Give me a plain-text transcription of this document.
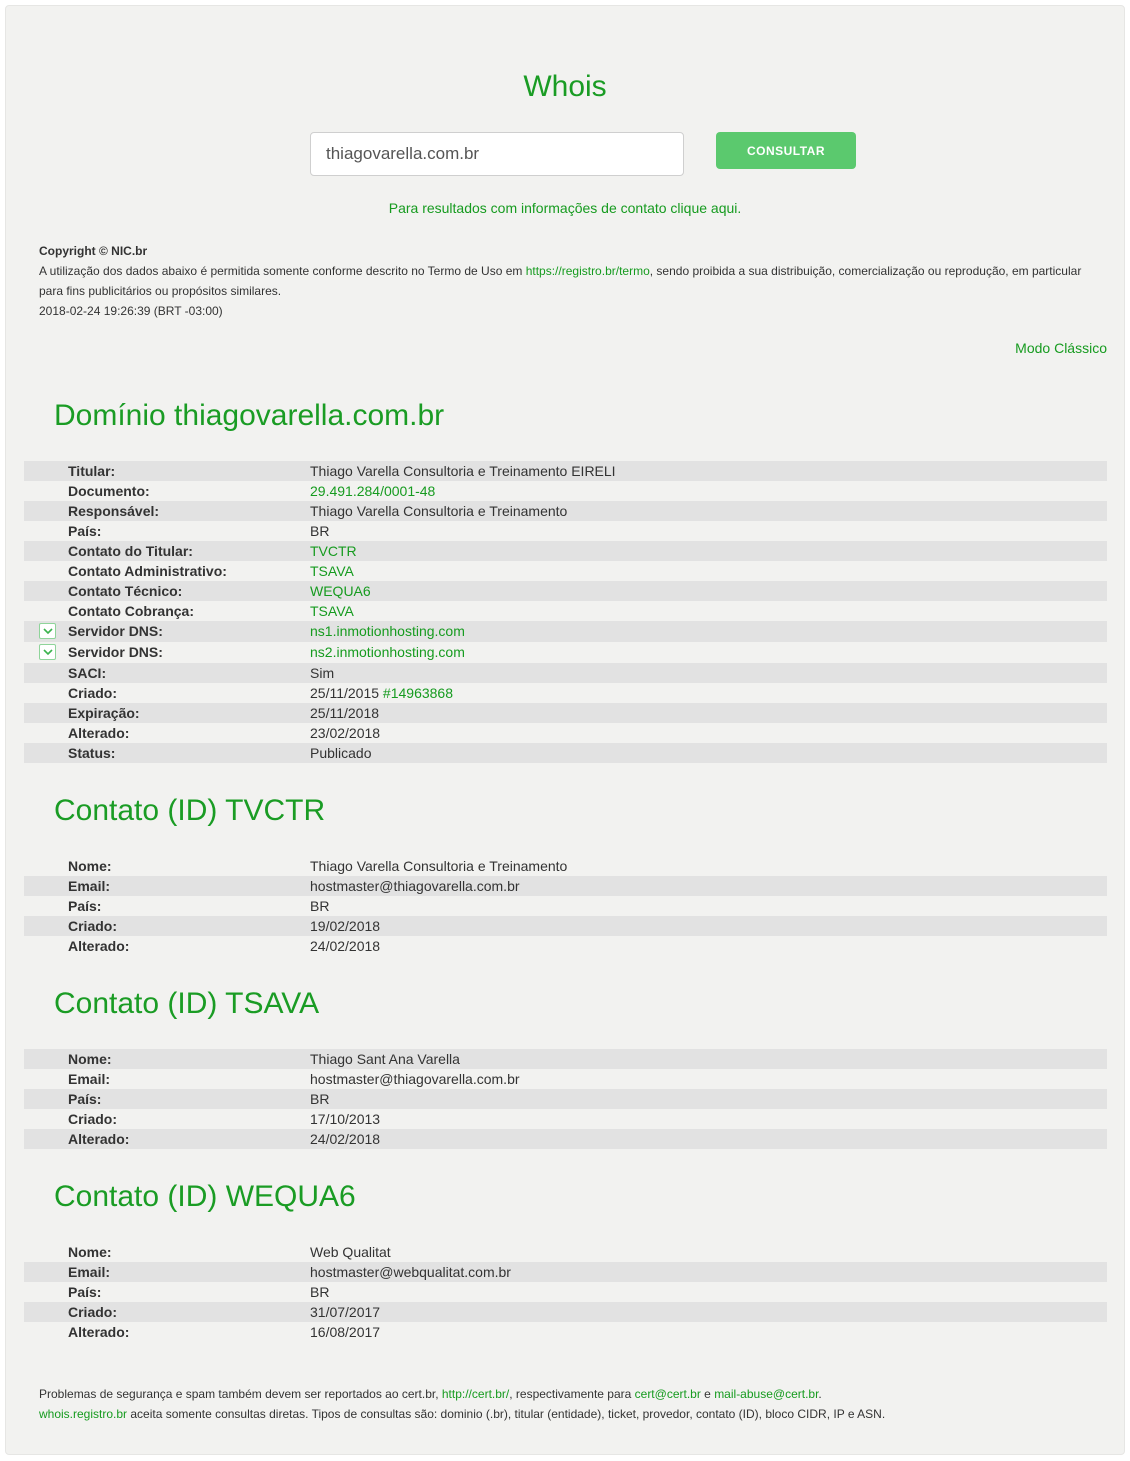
Whois
thiagovarella.com.br
CONSULTAR
Para resultados com informações de contato clique aqui.
Copyright © NIC.br
A utilização dos dados abaixo é permitida somente conforme descrito no Termo de Uso em https://registro.br/termo, sendo proibida a sua distribuição, comercialização ou reprodução, em particular para fins publicitários ou propósitos similares.
2018-02-24 19:26:39 (BRT -03:00)
Modo Clássico
Domínio thiagovarella.com.br
Titular:	Thiago Varella Consultoria e Treinamento EIRELI
Documento:	29.491.284/0001-48
Responsável:	Thiago Varella Consultoria e Treinamento
País:	BR
Contato do Titular:	TVCTR
Contato Administrativo:	TSAVA
Contato Técnico:	WEQUA6
Contato Cobrança:	TSAVA
Servidor DNS:	ns1.inmotionhosting.com
Servidor DNS:	ns2.inmotionhosting.com
SACI:	Sim
Criado:	25/11/2015 #14963868
Expiração:	25/11/2018
Alterado:	23/02/2018
Status:	Publicado
Contato (ID) TVCTR
Nome:	Thiago Varella Consultoria e Treinamento
Email:	hostmaster@thiagovarella.com.br
País:	BR
Criado:	19/02/2018
Alterado:	24/02/2018
Contato (ID) TSAVA
Nome:	Thiago Sant Ana Varella
Email:	hostmaster@thiagovarella.com.br
País:	BR
Criado:	17/10/2013
Alterado:	24/02/2018
Contato (ID) WEQUA6
Nome:	Web Qualitat
Email:	hostmaster@webqualitat.com.br
País:	BR
Criado:	31/07/2017
Alterado:	16/08/2017
Problemas de segurança e spam também devem ser reportados ao cert.br, http://cert.br/, respectivamente para cert@cert.br e mail-abuse@cert.br.
whois.registro.br aceita somente consultas diretas. Tipos de consultas são: dominio (.br), titular (entidade), ticket, provedor, contato (ID), bloco CIDR, IP e ASN.
